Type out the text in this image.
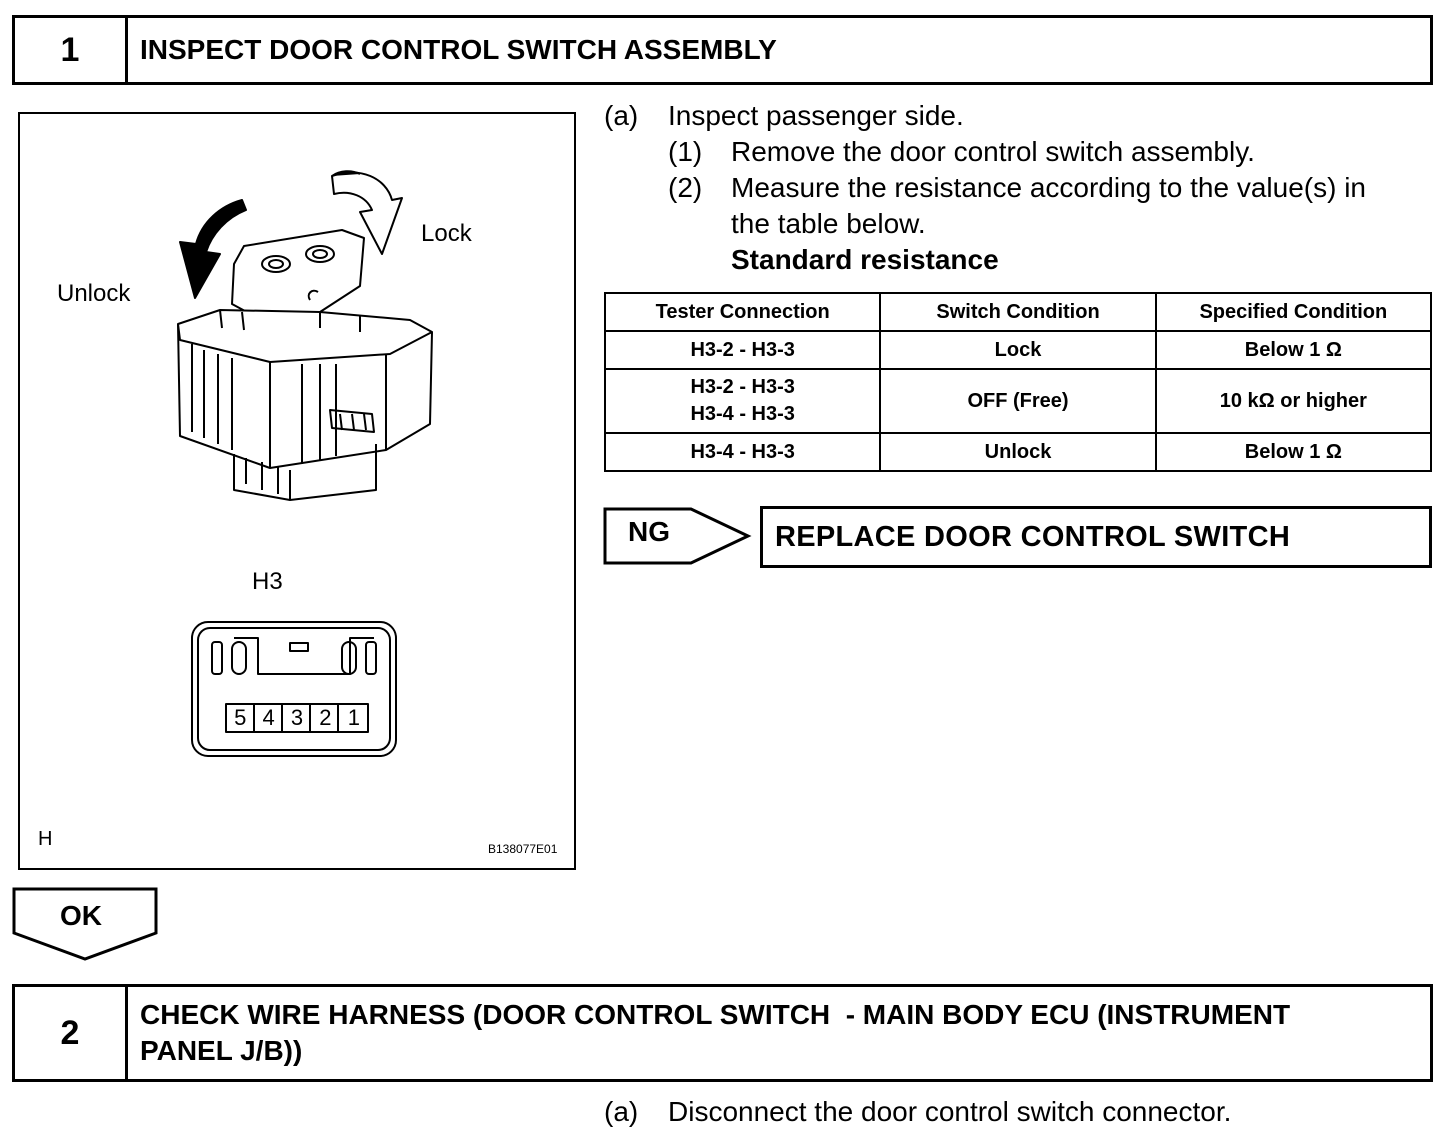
1	INSPECT DOOR CONTROL SWITCH ASSEMBLY
Lock
Unlock
H3
5 4 3 2 1
H	B138077E01
(a) Inspect passenger side.
(1) Remove the door control switch assembly.
(2) Measure the resistance according to the value(s) in
the table below.
Standard resistance
Tester Connection	Switch Condition	Specified Condition
H3-2 - H3-3	Lock	Below 1 Ω

H3-2 - H3-3
H3-4 - H3-3	OFF (Free)	10 kΩ or higher
H3-4 - H3-3	Unlock	Below 1 Ω
NG	REPLACE DOOR CONTROL SWITCH
OK
2	CHECK WIRE HARNESS (DOOR CONTROL SWITCH  - MAIN BODY ECU (INSTRUMENT
PANEL J/B))
(a) Disconnect the door control switch connector.
